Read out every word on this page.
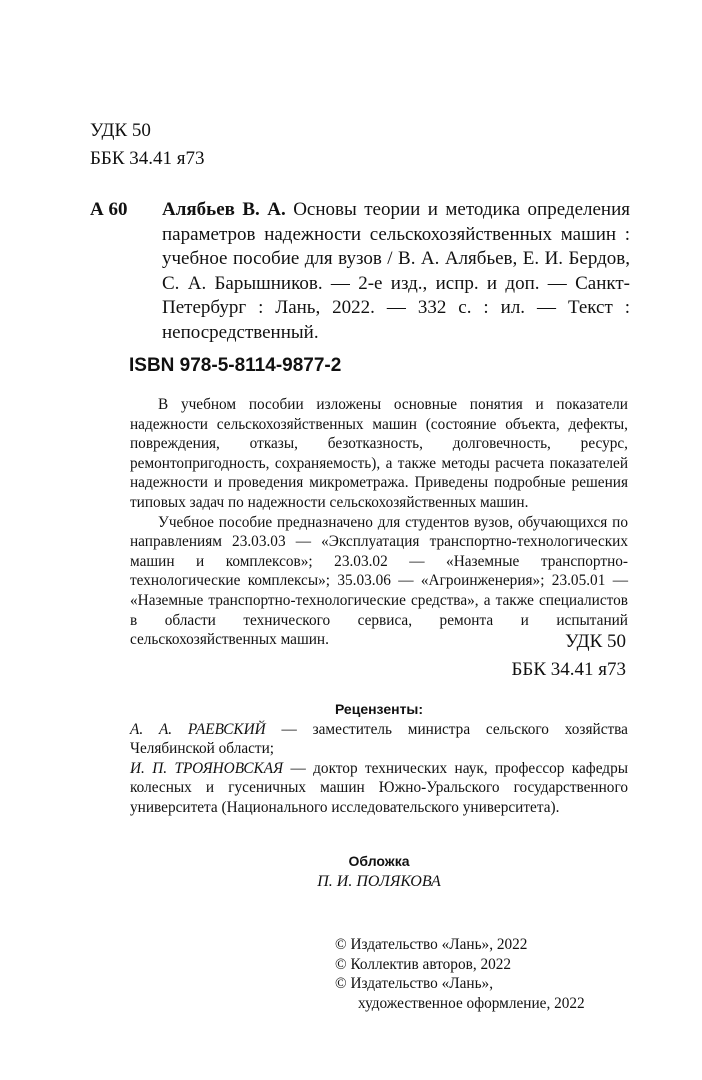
УДК 50
ББК 34.41 я73
А 60 Алябьев В. А. Основы теории и методика определения параметров надежности сельскохозяйственных машин : учебное пособие для вузов / В. А. Алябьев, Е. И. Бердов, С. А. Барышников. — 2-е изд., испр. и доп. — Санкт-Петербург : Лань, 2022. — 332 с. : ил. — Текст : непосредственный.
ISBN 978-5-8114-9877-2

В учебном пособии изложены основные понятия и показатели надежности сельскохозяйственных машин (состояние объекта, дефекты, повреждения, отказы, безотказность, долговечность, ресурс, ремонтопригодность, сохраняемость), а также методы расчета показателей надежности и проведения микрометража. Приведены подробные решения типовых задач по надежности сельскохозяйственных машин.

Учебное пособие предназначено для студентов вузов, обучающихся по направлениям 23.03.03 — «Эксплуатация транспортно-технологических машин и комплексов»; 23.03.02 — «Наземные транспортно-технологические комплексы»; 35.03.06 — «Агроинженерия»; 23.05.01 — «Наземные транспортно-технологические средства», а также специалистов в области технического сервиса, ремонта и испытаний сельскохозяйственных машин.	УДК 50
ББК 34.41 я73
Рецензенты:

А. А. РАЕВСКИЙ — заместитель министра сельского хозяйства Челябинской области;

И. П. ТРОЯНОВСКАЯ — доктор технических наук, профессор кафедры колесных и гусеничных машин Южно-Уральского государственного университета (Национального исследовательского университета).

Обложка
П. И. ПОЛЯКОВА
© Издательство «Лань», 2022
© Коллектив авторов, 2022
© Издательство «Лань»,
художественное оформление, 2022
